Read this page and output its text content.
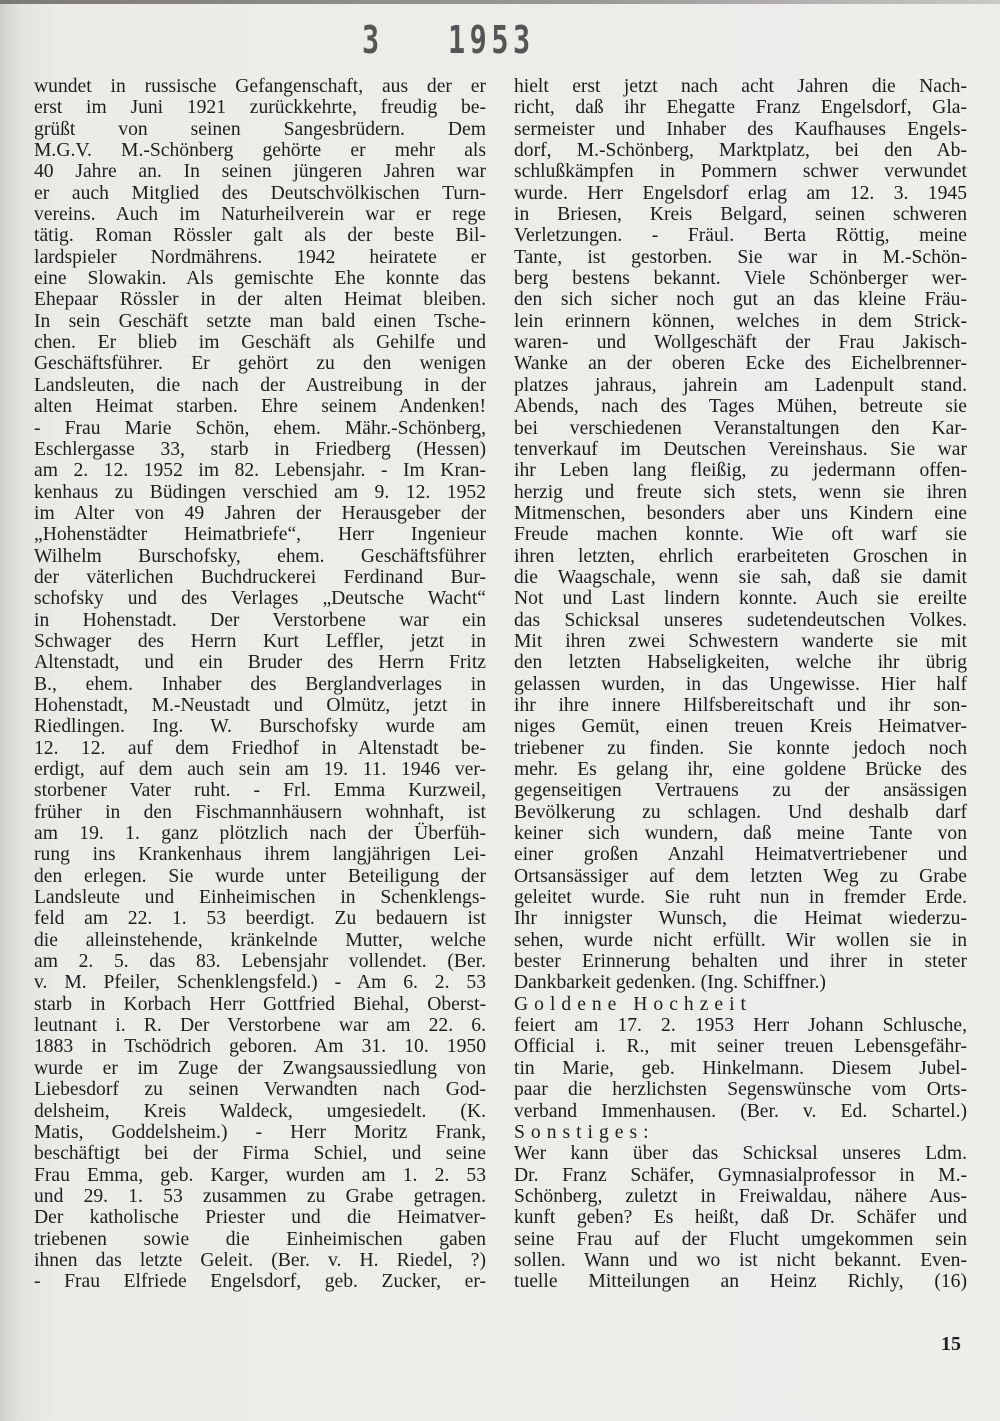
3 1953
wundet in russische Gefangenschaft, aus der er
erst im Juni 1921 zurückkehrte, freudig be-
grüßt von seinen Sangesbrüdern. Dem
M.G.V. M.-Schönberg gehörte er mehr als
40 Jahre an. In seinen jüngeren Jahren war
er auch Mitglied des Deutschvölkischen Turn-
vereins. Auch im Naturheilverein war er rege
tätig. Roman Rössler galt als der beste Bil-
lardspieler Nordmährens. 1942 heiratete er
eine Slowakin. Als gemischte Ehe konnte das
Ehepaar Rössler in der alten Heimat bleiben.
In sein Geschäft setzte man bald einen Tsche-
chen. Er blieb im Geschäft als Gehilfe und
Geschäftsführer. Er gehört zu den wenigen
Landsleuten, die nach der Austreibung in der
alten Heimat starben. Ehre seinem Andenken!
- Frau Marie Schön, ehem. Mähr.-Schönberg,
Eschlergasse 33, starb in Friedberg (Hessen)
am 2. 12. 1952 im 82. Lebensjahr. - Im Kran-
kenhaus zu Büdingen verschied am 9. 12. 1952
im Alter von 49 Jahren der Herausgeber der
„Hohenstädter Heimatbriefe“, Herr Ingenieur
Wilhelm Burschofsky, ehem. Geschäftsführer
der väterlichen Buchdruckerei Ferdinand Bur-
schofsky und des Verlages „Deutsche Wacht“
in Hohenstadt. Der Verstorbene war ein
Schwager des Herrn Kurt Leffler, jetzt in
Altenstadt, und ein Bruder des Herrn Fritz
B., ehem. Inhaber des Berglandverlages in
Hohenstadt, M.-Neustadt und Olmütz, jetzt in
Riedlingen. Ing. W. Burschofsky wurde am
12. 12. auf dem Friedhof in Altenstadt be-
erdigt, auf dem auch sein am 19. 11. 1946 ver-
storbener Vater ruht. - Frl. Emma Kurzweil,
früher in den Fischmannhäusern wohnhaft, ist
am 19. 1. ganz plötzlich nach der Überfüh-
rung ins Krankenhaus ihrem langjährigen Lei-
den erlegen. Sie wurde unter Beteiligung der
Landsleute und Einheimischen in Schenklengs-
feld am 22. 1. 53 beerdigt. Zu bedauern ist
die alleinstehende, kränkelnde Mutter, welche
am 2. 5. das 83. Lebensjahr vollendet. (Ber.
v. M. Pfeiler, Schenklengsfeld.) - Am 6. 2. 53
starb in Korbach Herr Gottfried Biehal, Oberst-
leutnant i. R. Der Verstorbene war am 22. 6.
1883 in Tschödrich geboren. Am 31. 10. 1950
wurde er im Zuge der Zwangsaussiedlung von
Liebesdorf zu seinen Verwandten nach God-
delsheim, Kreis Waldeck, umgesiedelt. (K.
Matis, Goddelsheim.) - Herr Moritz Frank,
beschäftigt bei der Firma Schiel, und seine
Frau Emma, geb. Karger, wurden am 1. 2. 53
und 29. 1. 53 zusammen zu Grabe getragen.
Der katholische Priester und die Heimatver-
triebenen sowie die Einheimischen gaben
ihnen das letzte Geleit. (Ber. v. H. Riedel, ?)
- Frau Elfriede Engelsdorf, geb. Zucker, er-
hielt erst jetzt nach acht Jahren die Nach-
richt, daß ihr Ehegatte Franz Engelsdorf, Gla-
sermeister und Inhaber des Kaufhauses Engels-
dorf, M.-Schönberg, Marktplatz, bei den Ab-
schlußkämpfen in Pommern schwer verwundet
wurde. Herr Engelsdorf erlag am 12. 3. 1945
in Briesen, Kreis Belgard, seinen schweren
Verletzungen. - Fräul. Berta Röttig, meine
Tante, ist gestorben. Sie war in M.-Schön-
berg bestens bekannt. Viele Schönberger wer-
den sich sicher noch gut an das kleine Fräu-
lein erinnern können, welches in dem Strick-
waren- und Wollgeschäft der Frau Jakisch-
Wanke an der oberen Ecke des Eichelbrenner-
platzes jahraus, jahrein am Ladenpult stand.
Abends, nach des Tages Mühen, betreute sie
bei verschiedenen Veranstaltungen den Kar-
tenverkauf im Deutschen Vereinshaus. Sie war
ihr Leben lang fleißig, zu jedermann offen-
herzig und freute sich stets, wenn sie ihren
Mitmenschen, besonders aber uns Kindern eine
Freude machen konnte. Wie oft warf sie
ihren letzten, ehrlich erarbeiteten Groschen in
die Waagschale, wenn sie sah, daß sie damit
Not und Last lindern konnte. Auch sie ereilte
das Schicksal unseres sudetendeutschen Volkes.
Mit ihren zwei Schwestern wanderte sie mit
den letzten Habseligkeiten, welche ihr übrig
gelassen wurden, in das Ungewisse. Hier half
ihr ihre innere Hilfsbereitschaft und ihr son-
niges Gemüt, einen treuen Kreis Heimatver-
triebener zu finden. Sie konnte jedoch noch
mehr. Es gelang ihr, eine goldene Brücke des
gegenseitigen Vertrauens zu der ansässigen
Bevölkerung zu schlagen. Und deshalb darf
keiner sich wundern, daß meine Tante von
einer großen Anzahl Heimatvertriebener und
Ortsansässiger auf dem letzten Weg zu Grabe
geleitet wurde. Sie ruht nun in fremder Erde.
Ihr innigster Wunsch, die Heimat wiederzu-
sehen, wurde nicht erfüllt. Wir wollen sie in
bester Erinnerung behalten und ihrer in steter
Dankbarkeit gedenken. (Ing. Schiffner.)
Goldene Hochzeit
feiert am 17. 2. 1953 Herr Johann Schlusche,
Official i. R., mit seiner treuen Lebensgefähr-
tin Marie, geb. Hinkelmann. Diesem Jubel-
paar die herzlichsten Segenswünsche vom Orts-
verband Immenhausen. (Ber. v. Ed. Schartel.)
Sonstiges:
Wer kann über das Schicksal unseres Ldm.
Dr. Franz Schäfer, Gymnasialprofessor in M.-
Schönberg, zuletzt in Freiwaldau, nähere Aus-
kunft geben? Es heißt, daß Dr. Schäfer und
seine Frau auf der Flucht umgekommen sein
sollen. Wann und wo ist nicht bekannt. Even-
tuelle Mitteilungen an Heinz Richly, (16)
15
